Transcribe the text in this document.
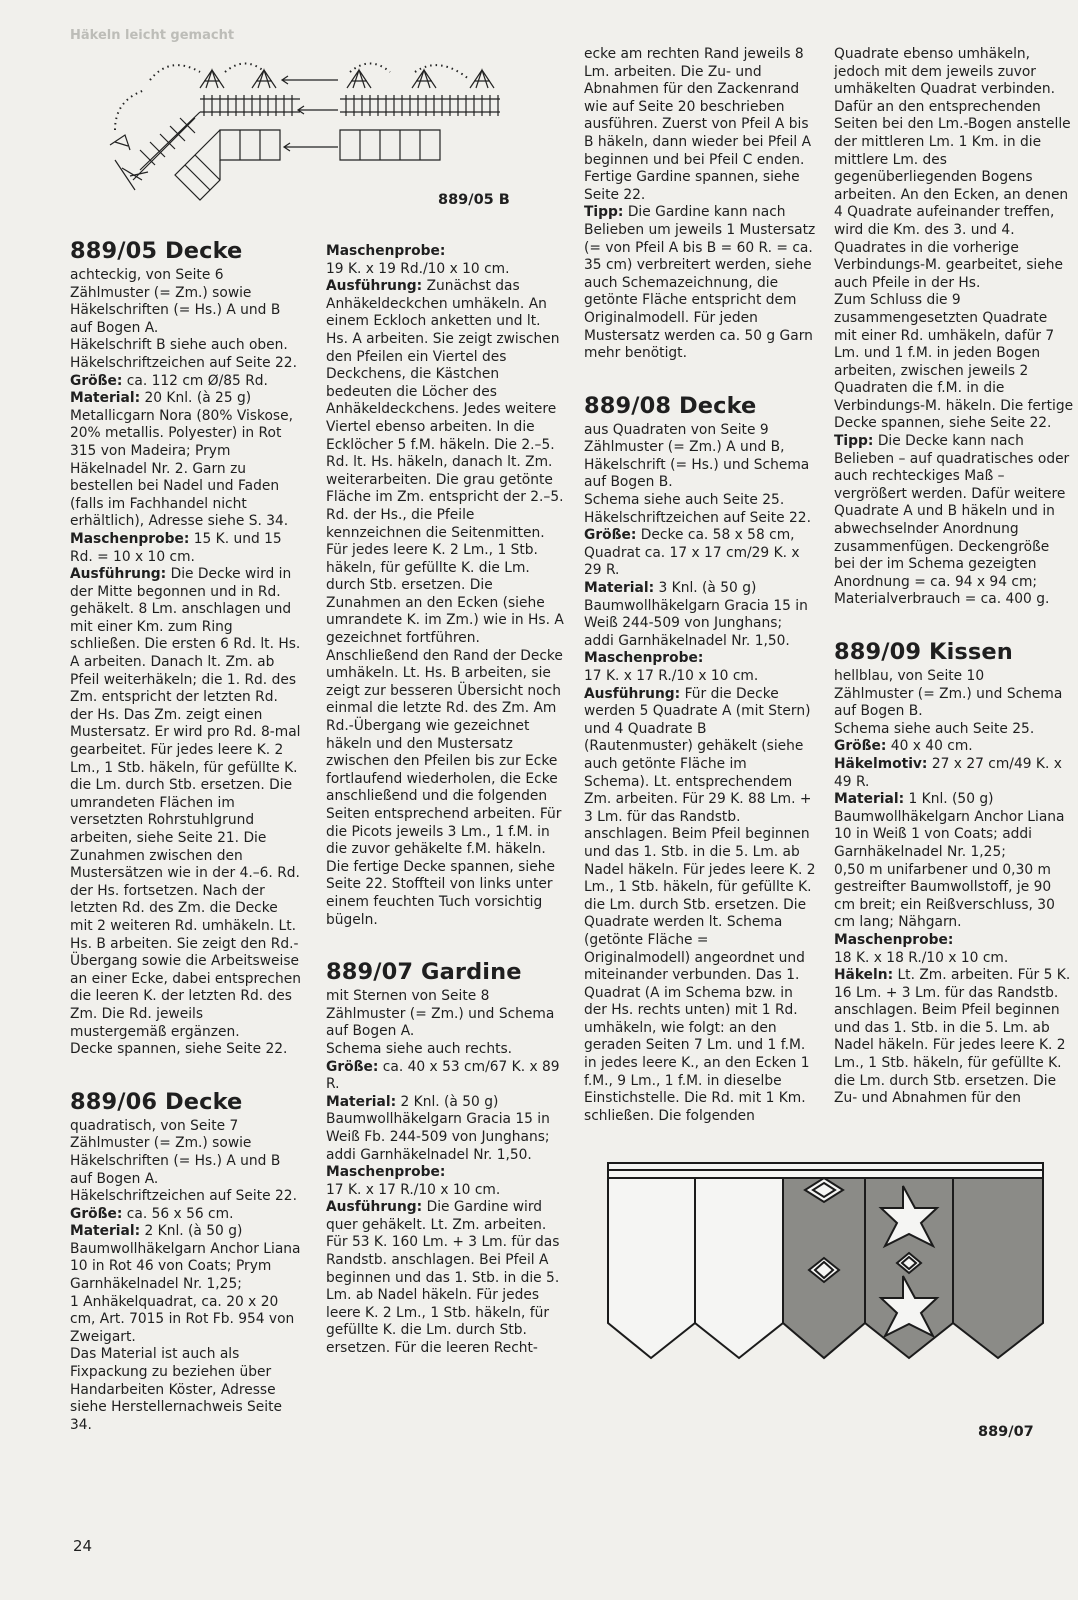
Häkeln leicht gemacht
889/05 B
889/05 Decke

achteckig, von Seite 6

Zählmuster (= Zm.) sowie Häkelschriften (= Hs.) A und B auf Bogen A.

Häkelschrift B siehe auch oben.

Häkelschriftzeichen auf Seite 22.

Größe: ca. 112 cm Ø/85 Rd.

Material: 20 Knl. (à 25 g) Metallicgarn Nora (80% Viskose, 20% metallis. Polyester) in Rot 315 von Madeira; Prym Häkelnadel Nr. 2. Garn zu bestellen bei Nadel und Faden (falls im Fachhandel nicht erhältlich), Adresse siehe S. 34.

Maschenprobe: 15 K. und 15 Rd. = 10 x 10 cm.

Ausführung: Die Decke wird in der Mitte begonnen und in Rd. gehäkelt. 8 Lm. anschlagen und mit einer Km. zum Ring schließen. Die ersten 6 Rd. lt. Hs. A arbeiten. Danach lt. Zm. ab Pfeil weiterhäkeln; die 1. Rd. des Zm. entspricht der letzten Rd. der Hs. Das Zm. zeigt einen Mustersatz. Er wird pro Rd. 8-mal gearbeitet. Für jedes leere K. 2 Lm., 1 Stb. häkeln, für gefüllte K. die Lm. durch Stb. ersetzen. Die umrandeten Flächen im versetzten Rohrstuhlgrund arbeiten, siehe Seite 21. Die Zunahmen zwischen den Mustersätzen wie in der 4.–6. Rd. der Hs. fortsetzen. Nach der letzten Rd. des Zm. die Decke mit 2 weiteren Rd. umhäkeln. Lt. Hs. B arbeiten. Sie zeigt den Rd.-Übergang sowie die Arbeitsweise an einer Ecke, dabei entsprechen die leeren K. der letzten Rd. des Zm. Die Rd. jeweils mustergemäß ergänzen.

Decke spannen, siehe Seite 22.

889/06 Decke

quadratisch, von Seite 7

Zählmuster (= Zm.) sowie Häkelschriften (= Hs.) A und B auf Bogen A.

Häkelschriftzeichen auf Seite 22.

Größe: ca. 56 x 56 cm.

Material: 2 Knl. (à 50 g) Baumwollhäkelgarn Anchor Liana 10 in Rot 46 von Coats; Prym Garnhäkelnadel Nr. 1,25;

1 Anhäkelquadrat, ca. 20 x 20 cm, Art. 7015 in Rot Fb. 954 von Zweigart.

Das Material ist auch als Fixpackung zu beziehen über Handarbeiten Köster, Adresse siehe Herstellernachweis Seite 34.

Maschenprobe:
19 K. x 19 Rd./10 x 10 cm.

Ausführung: Zunächst das Anhäkeldeckchen umhäkeln. An einem Eckloch anketten und lt. Hs. A arbeiten. Sie zeigt zwischen den Pfeilen ein Viertel des Deckchens, die Kästchen bedeuten die Löcher des Anhäkeldeckchens. Jedes weitere Viertel ebenso arbeiten. In die Ecklöcher 5 f.M. häkeln. Die 2.–5. Rd. lt. Hs. häkeln, danach lt. Zm. weiterarbeiten. Die grau getönte Fläche im Zm. entspricht der 2.–5. Rd. der Hs., die Pfeile kennzeichnen die Seitenmitten. Für jedes leere K. 2 Lm., 1 Stb. häkeln, für gefüllte K. die Lm. durch Stb. ersetzen. Die Zunahmen an den Ecken (siehe umrandete K. im Zm.) wie in Hs. A gezeichnet fortführen.

Anschließend den Rand der Decke umhäkeln. Lt. Hs. B arbeiten, sie zeigt zur besseren Übersicht noch einmal die letzte Rd. des Zm. Am Rd.-Übergang wie gezeichnet häkeln und den Mustersatz zwischen den Pfeilen bis zur Ecke fortlaufend wiederholen, die Ecke anschließend und die folgenden Seiten entsprechend arbeiten. Für die Picots jeweils 3 Lm., 1 f.M. in die zuvor gehäkelte f.M. häkeln.

Die fertige Decke spannen, siehe Seite 22. Stoffteil von links unter einem feuchten Tuch vorsichtig bügeln.

889/07 Gardine

mit Sternen von Seite 8

Zählmuster (= Zm.) und Schema auf Bogen A.

Schema siehe auch rechts.

Größe: ca. 40 x 53 cm/67 K. x 89 R.

Material: 2 Knl. (à 50 g) Baumwollhäkelgarn Gracia 15 in Weiß Fb. 244-509 von Junghans; addi Garnhäkelnadel Nr. 1,50.

Maschenprobe:
17 K. x 17 R./10 x 10 cm.

Ausführung: Die Gardine wird quer gehäkelt. Lt. Zm. arbeiten. Für 53 K. 160 Lm. + 3 Lm. für das Randstb. anschlagen. Bei Pfeil A beginnen und das 1. Stb. in die 5. Lm. ab Nadel häkeln. Für jedes leere K. 2 Lm., 1 Stb. häkeln, für gefüllte K. die Lm. durch Stb. ersetzen. Für die leeren Recht-

ecke am rechten Rand jeweils 8 Lm. arbeiten. Die Zu- und Abnahmen für den Zackenrand wie auf Seite 20 beschrieben ausführen. Zuerst von Pfeil A bis B häkeln, dann wieder bei Pfeil A beginnen und bei Pfeil C enden.

Fertige Gardine spannen, siehe Seite 22.

Tipp: Die Gardine kann nach Belieben um jeweils 1 Mustersatz (= von Pfeil A bis B = 60 R. = ca. 35 cm) verbreitert werden, siehe auch Schemazeichnung, die getönte Fläche entspricht dem Originalmodell. Für jeden Mustersatz werden ca. 50 g Garn mehr benötigt.

889/08 Decke

aus Quadraten von Seite 9

Zählmuster (= Zm.) A und B, Häkelschrift (= Hs.) und Schema auf Bogen B.

Schema siehe auch Seite 25.

Häkelschriftzeichen auf Seite 22.

Größe: Decke ca. 58 x 58 cm, Quadrat ca. 17 x 17 cm/29 K. x 29 R.

Material: 3 Knl. (à 50 g) Baumwollhäkelgarn Gracia 15 in Weiß 244-509 von Junghans; addi Garnhäkelnadel Nr. 1,50.

Maschenprobe:
17 K. x 17 R./10 x 10 cm.

Ausführung: Für die Decke werden 5 Quadrate A (mit Stern) und 4 Quadrate B (Rautenmuster) gehäkelt (siehe auch getönte Fläche im Schema). Lt. entsprechendem Zm. arbeiten. Für 29 K. 88 Lm. + 3 Lm. für das Randstb. anschlagen. Beim Pfeil beginnen und das 1. Stb. in die 5. Lm. ab Nadel häkeln. Für jedes leere K. 2 Lm., 1 Stb. häkeln, für gefüllte K. die Lm. durch Stb. ersetzen. Die Quadrate werden lt. Schema (getönte Fläche = Originalmodell) angeordnet und miteinander verbunden. Das 1. Quadrat (A im Schema bzw. in der Hs. rechts unten) mit 1 Rd. umhäkeln, wie folgt: an den geraden Seiten 7 Lm. und 1 f.M. in jedes leere K., an den Ecken 1 f.M., 9 Lm., 1 f.M. in dieselbe Einstichstelle. Die Rd. mit 1 Km. schließen. Die folgenden

Quadrate ebenso umhäkeln, jedoch mit dem jeweils zuvor umhäkelten Quadrat verbinden. Dafür an den entsprechenden Seiten bei den Lm.-Bogen anstelle der mittleren Lm. 1 Km. in die mittlere Lm. des gegenüberliegenden Bogens arbeiten. An den Ecken, an denen 4 Quadrate aufeinander treffen, wird die Km. des 3. und 4. Quadrates in die vorherige Verbindungs-M. gearbeitet, siehe auch Pfeile in der Hs.

Zum Schluss die 9 zusammengesetzten Quadrate mit einer Rd. umhäkeln, dafür 7 Lm. und 1 f.M. in jeden Bogen arbeiten, zwischen jeweils 2 Quadraten die f.M. in die Verbindungs-M. häkeln. Die fertige Decke spannen, siehe Seite 22.

Tipp: Die Decke kann nach Belieben – auf quadratisches oder auch rechteckiges Maß – vergrößert werden. Dafür weitere Quadrate A und B häkeln und in abwechselnder Anordnung zusammenfügen. Deckengröße bei der im Schema gezeigten Anordnung = ca. 94 x 94 cm; Materialverbrauch = ca. 400 g.

889/09 Kissen

hellblau, von Seite 10

Zählmuster (= Zm.) und Schema auf Bogen B.

Schema siehe auch Seite 25.

Größe: 40 x 40 cm.

Häkelmotiv: 27 x 27 cm/49 K. x 49 R.

Material: 1 Knl. (50 g) Baumwollhäkelgarn Anchor Liana 10 in Weiß 1 von Coats; addi Garnhäkelnadel Nr. 1,25;

0,50 m unifarbener und 0,30 m gestreifter Baumwollstoff, je 90 cm breit; ein Reißverschluss, 30 cm lang; Nähgarn.

Maschenprobe:
18 K. x 18 R./10 x 10 cm.

Häkeln: Lt. Zm. arbeiten. Für 5 K. 16 Lm. + 3 Lm. für das Randstb. anschlagen. Beim Pfeil beginnen und das 1. Stb. in die 5. Lm. ab Nadel häkeln. Für jedes leere K. 2 Lm., 1 Stb. häkeln, für gefüllte K. die Lm. durch Stb. ersetzen. Die Zu- und Abnahmen für den

889/07
24
